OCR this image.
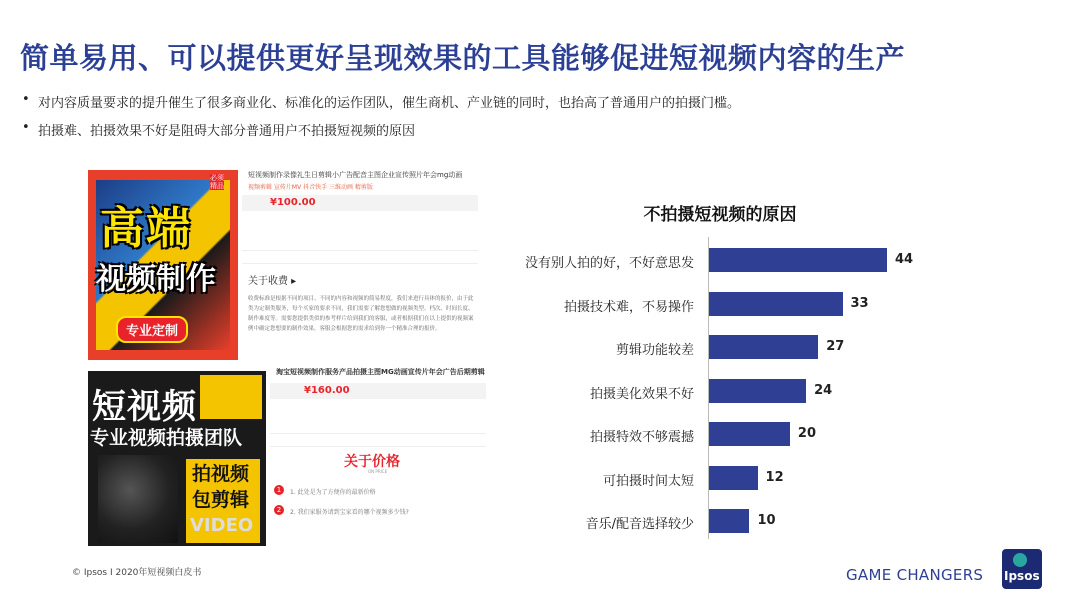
简单易用、可以提供更好呈现效果的工具能够促进短视频内容的生产
• 对内容质量要求的提升催生了很多商业化、标准化的运作团队，催生商机、产业链的同时，也抬高了普通用户的拍摄门槛。
• 拍摄难、拍摄效果不好是阻碍大部分普通用户不拍摄短视频的原因
必须精品
高端
视频制作
专业定制
短视频制作录像礼生日剪辑小广告配音主图企业宣传照片年会mg动画
视频剪辑 宣传片MV 抖音快手 三维动画 精剪版
¥100.00
关于收费 ▸
收费标准是根据不同的项目、不同的内容和视频的简易程度，我们来进行具体的报价，由于此类为定制类服务，每个买家的要求不同，我们需要了解您想做的视频类型、档次、时间长度、制作难度等。需要您提供类似的参考样片给到我们的客服，或者根据我们在以上提供的视频案例中确定您想要的制作效果，客服会根据您的需求给到你一个精准合理的报价。
短视频
专业视频拍摄团队
拍视频
包剪辑
VIDEO
淘宝短视频制作服务产品拍摄主图MG动画宣传片年会广告后期剪辑
¥160.00
关于价格
ON PRICE
1	1. 此处是为了方便你的最新价格
2	2. 我们家服务请到宝家看的哪个视频多少钱?
不拍摄短视频的原因
没有别人拍的好，不好意思发	44
拍摄技术难，不易操作	33
剪辑功能较差	27
拍摄美化效果不好	24
拍摄特效不够震撼	20
可拍摄时间太短	12
音乐/配音选择较少	10
© Ipsos I 2020年短视频白皮书	GAME CHANGERS Ipsos
